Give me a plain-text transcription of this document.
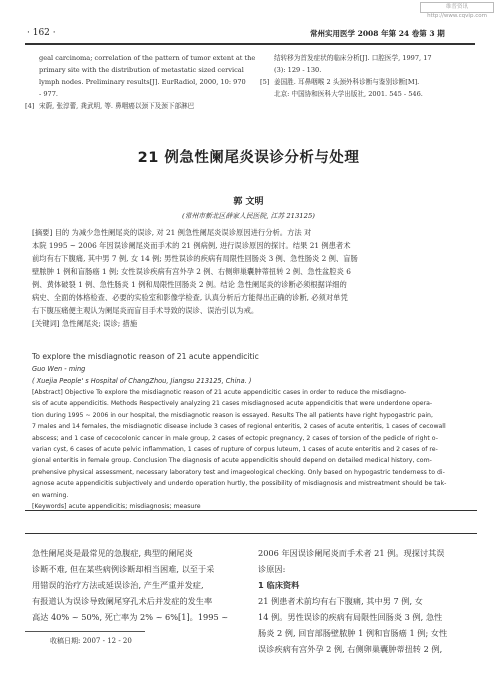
维普资讯 http://www.cqvip.com
· 162 ·	常州实用医学 2008 年第 24 卷第 3 期
geal carcinoma; correlation of the pattern of tumor extent at the
primary site with the distribution of metastatic sized cervical
lymph nodes. Preliminary results[J]. EurRadiol, 2000, 10: 970
- 977.
[4] 宋蔚, 张淳蕾, 龚武明, 等. 鼻咽癌以颈下及颈下部淋巴
结转移为首发症状的临床分析[J]. 口腔医学, 1997, 17
(3): 129 - 130.
[5] 姜国胜. 耳鼻咽喉 2 头颈外科诊断与鉴别诊断[M].
北京: 中国协和医科大学出版社, 2001. 545 - 546.
21 例急性阑尾炎误诊分析与处理
郭 文明
(常州市新北区薛家人民医院, 江苏 213125)
[摘要] 目的 为减少急性阑尾炎的误诊, 对 21 例急性阑尾炎误诊原因进行分析。方法 对
本院 1995 ~ 2006 年因误诊阑尾炎而手术的 21 例病例, 进行误诊原因的探讨。结果 21 例患者术
前均有右下腹痛, 其中男 7 例, 女 14 例; 男性误诊的疾病有局限性回肠炎 3 例、急性肠炎 2 例、盲肠
壁脓肿 1 例和盲肠癌 1 例; 女性误诊疾病有宫外孕 2 例、右侧卵巢囊肿蒂扭转 2 例、急性盆腔炎 6
例、黄体破裂 1 例、急性肠炎 1 例和局限性回肠炎 2 例。结论 急性阑尾炎的诊断必须根据详细的
病史、全面的体格检查、必要的实验室和影像学检查, 认真分析后方能得出正确的诊断, 必须对单凭
右下腹压痛便主观认为阑尾炎而盲目手术导致的误诊、误治引以为戒。
[关键词] 急性阑尾炎; 误诊; 措施
To explore the misdiagnotic reason of 21 acute appendicitic
Guo Wen - ming
( Xuejia People' s Hospital of ChangZhou, Jiangsu 213125, China. )
[Abstract] Objective To explore the misdiagnotic reason of 21 acute appendicitic cases in order to reduce the misdiagno-
sis of acute appendicitis. Methods Respectively analyzing 21 cases misdiagnosed acute appendicitis that were underdone opera-
tion during 1995 ~ 2006 in our hospital, the misdiagnotic reason is essayed. Results The all patients have right hypogastric pain,
7 males and 14 females, the misdiagnotic disease include 3 cases of regional enteritis, 2 cases of acute enteritis, 1 cases of cecowall
abscess; and 1 case of cecocolonic cancer in male group, 2 cases of ectopic pregnancy, 2 cases of torsion of the pedicle of right o-
varian cyst, 6 cases of acute pelvic inflammation, 1 cases of rupture of corpus luteum, 1 cases of acute enteritis and 2 cases of re-
gional enteritis in female group. Conclusion The diagnosis of acute appendicitis should depend on detailed medical history, com-
prehensive physical assessment, necessary laboratory test and imageological checking. Only based on hypogastric tenderness to di-
agnose acute appendicitis subjectively and underdo operation hurtly, the possibility of misdiagnosis and mistreatment should be tak-
en warning.
[Keywords] acute appendicitis; misdiagnosis; measure
急性阑尾炎是最常见的急腹症, 典型的阑尾炎
诊断不难, 但在某些病例诊断却相当困难, 以至于采
用错误的治疗方法或延误诊治, 产生严重并发症,
有报道认为误诊导致阑尾穿孔术后并发症的发生率
高达 40% ~ 50%, 死亡率为 2% ~ 6%[1]。1995 ~
2006 年因误诊阑尾炎而手术者 21 例。现探讨其误
诊原因:
1 临床资料
21 例患者术前均有右下腹痛, 其中男 7 例, 女
14 例。男性误诊的疾病有局限性回肠炎 3 例, 急性
肠炎 2 例, 回盲部肠壁脓肿 1 例和盲肠癌 1 例; 女性
误诊疾病有宫外孕 2 例, 右侧卵巢囊肿蒂扭转 2 例,
收稿日期: 2007 - 12 - 20
